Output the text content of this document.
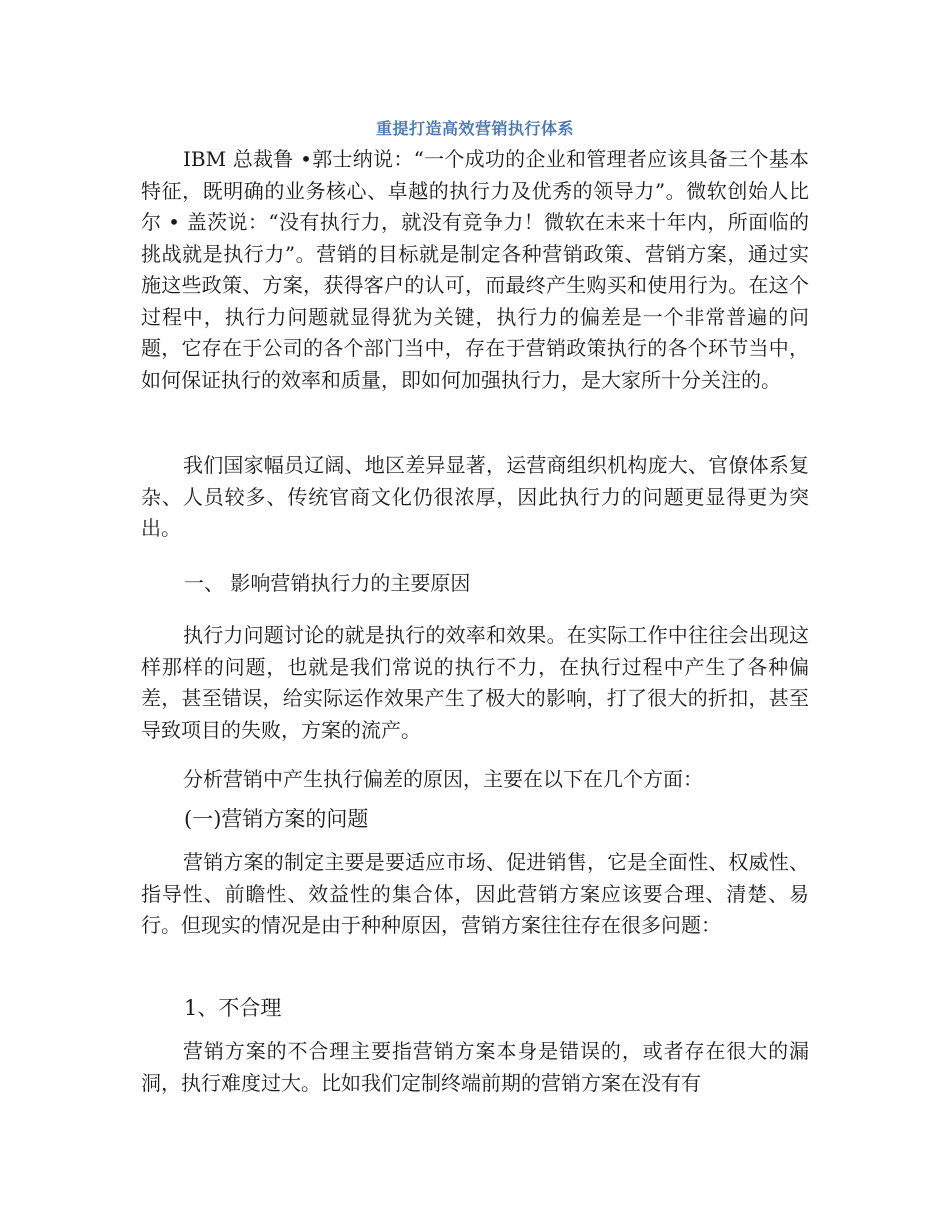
重提打造高效营销执行体系
IBM 总裁鲁 •郭士纳说：“一个成功的企业和管理者应该具备三个基本特征，既明确的业务核心、卓越的执行力及优秀的领导力”。微软创始人比尔 • 盖茨说：“没有执行力，就没有竞争力！微软在未来十年内，所面临的挑战就是执行力”。营销的目标就是制定各种营销政策、营销方案，通过实施这些政策、方案，获得客户的认可，而最终产生购买和使用行为。在这个过程中，执行力问题就显得犹为关键，执行力的偏差是一个非常普遍的问题，它存在于公司的各个部门当中，存在于营销政策执行的各个环节当中，如何保证执行的效率和质量，即如何加强执行力，是大家所十分关注的。
我们国家幅员辽阔、地区差异显著，运营商组织机构庞大、官僚体系复杂、人员较多、传统官商文化仍很浓厚，因此执行力的问题更显得更为突出。
一、 影响营销执行力的主要原因
执行力问题讨论的就是执行的效率和效果。在实际工作中往往会出现这样那样的问题，也就是我们常说的执行不力，在执行过程中产生了各种偏差，甚至错误，给实际运作效果产生了极大的影响，打了很大的折扣，甚至导致项目的失败，方案的流产。
分析营销中产生执行偏差的原因，主要在以下在几个方面：
(一)营销方案的问题
营销方案的制定主要是要适应市场、促进销售，它是全面性、权威性、指导性、前瞻性、效益性的集合体，因此营销方案应该要合理、清楚、易行。但现实的情况是由于种种原因，营销方案往往存在很多问题：
1、不合理
营销方案的不合理主要指营销方案本身是错误的，或者存在很大的漏洞，执行难度过大。比如我们定制终端前期的营销方案在没有有
